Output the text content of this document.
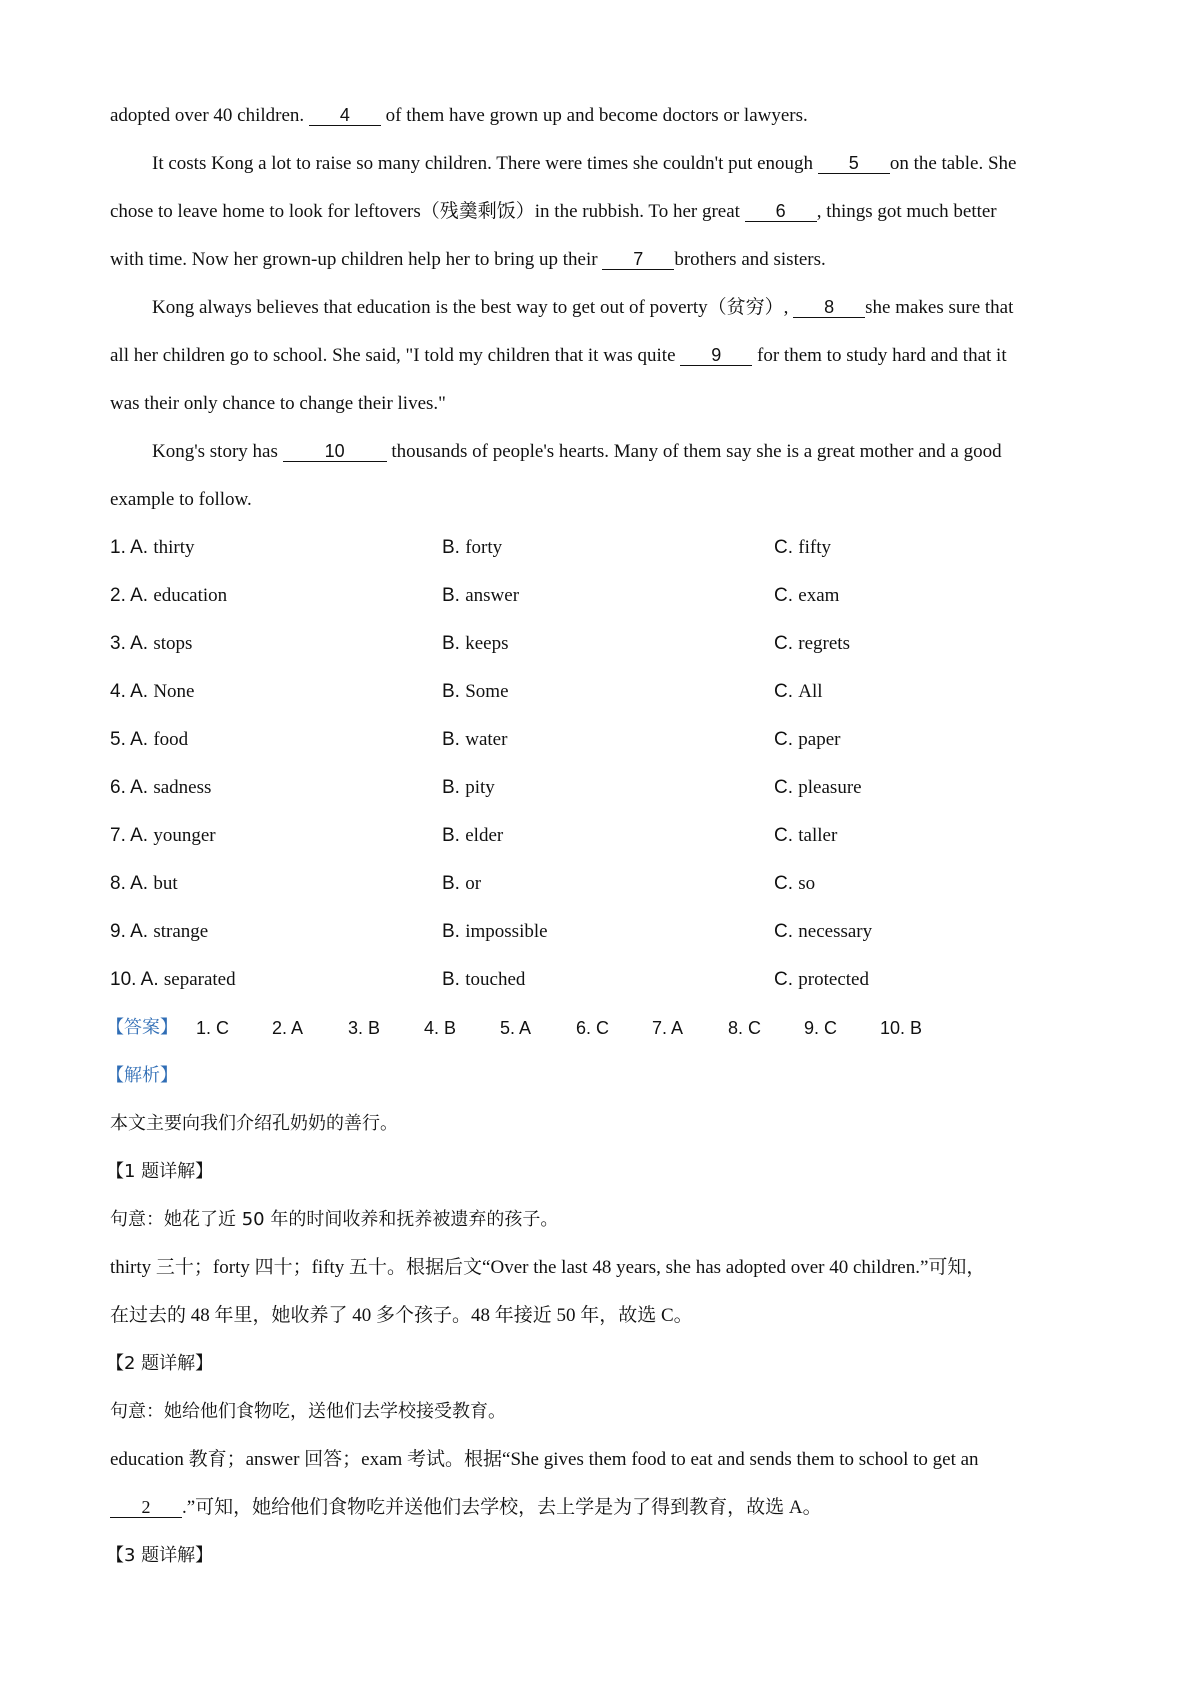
adopted over 40 children. 4 of them have grown up and become doctors or lawyers.
It costs Kong a lot to raise so many children. There were times she couldn't put enough 5 on the table. She
chose to leave home to look for leftovers（残羹剩饭）in the rubbish. To her great 6 , things got much better
with time. Now her grown-up children help her to bring up their 7 brothers and sisters.
Kong always believes that education is the best way to get out of poverty（贫穷）, 8 she makes sure that
all her children go to school. She said, "I told my children that it was quite 9 for them to study hard and that it
was their only chance to change their lives."
Kong's story has 10 thousands of people's hearts. Many of them say she is a great mother and a good
example to follow.
1. A. thirty	B. forty	C. fifty
2. A. education	B. answer	C. exam
3. A. stops	B. keeps	C. regrets
4. A. None	B. Some	C. All
5. A. food	B. water	C. paper
6. A. sadness	B. pity	C. pleasure
7. A. younger	B. elder	C. taller
8. A. but	B. or	C. so
9. A. strange	B. impossible	C. necessary
10. A. separated	B. touched	C. protected
【答案】 1. C 2. A 3. B 4. B 5. A 6. C 7. A 8. C 9. C 10. B
【解析】
本文主要向我们介绍孔奶奶的善行。
【1 题详解】
句意：她花了近 50 年的时间收养和抚养被遗弃的孩子。
thirty 三十；forty 四十；fifty 五十。根据后文“Over the last 48 years, she has adopted over 40 children.”可知，
在过去的 48 年里，她收养了 40 多个孩子。48 年接近 50 年，故选 C。
【2 题详解】
句意：她给他们食物吃，送他们去学校接受教育。
education 教育；answer 回答；exam 考试。根据“She gives them food to eat and sends them to school to get an
2 .”可知，她给他们食物吃并送他们去学校，去上学是为了得到教育，故选 A。
【3 题详解】
